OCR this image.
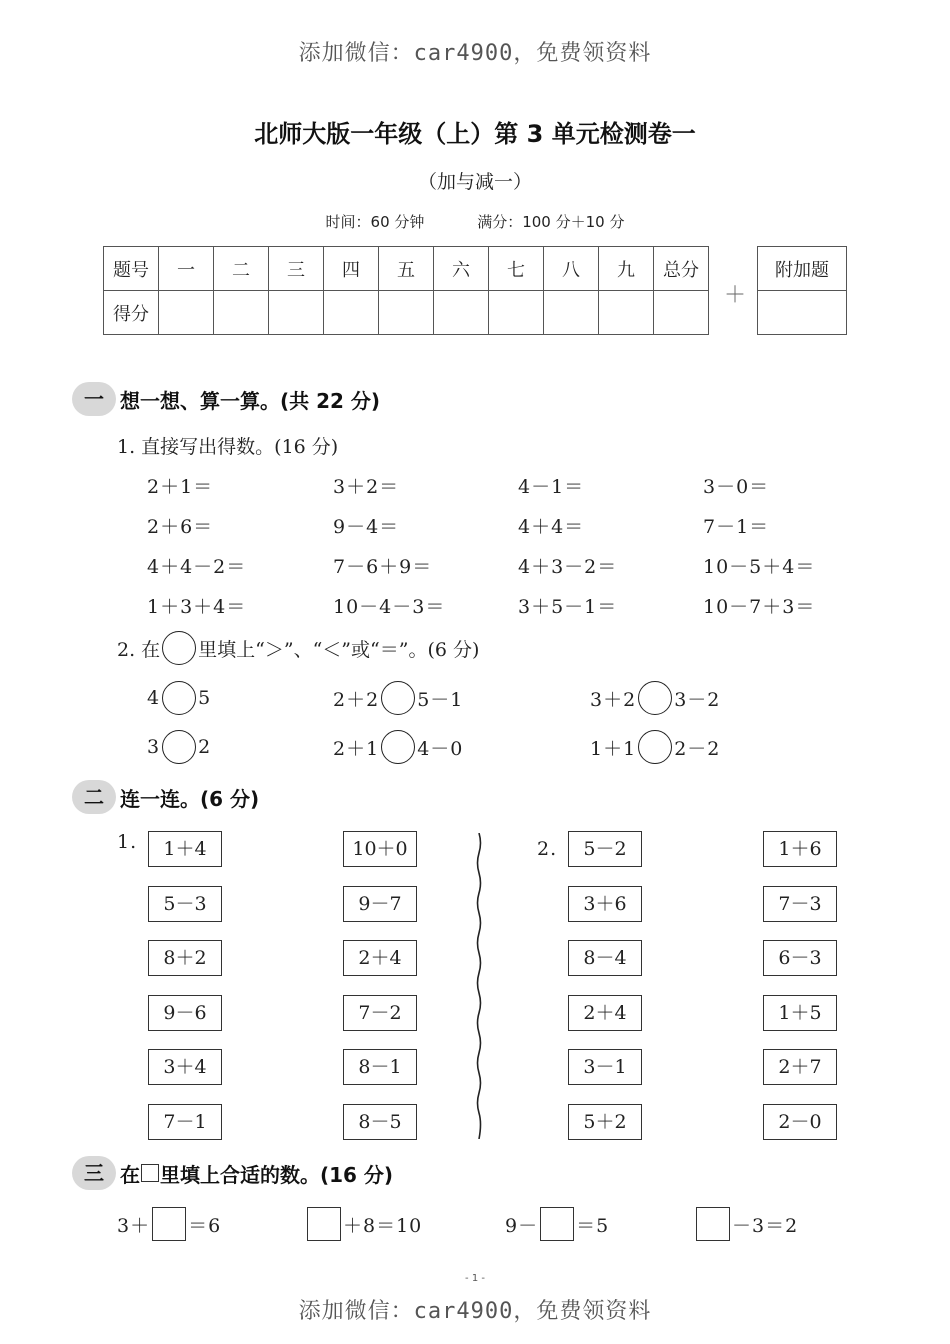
添加微信：car4900，免费领资料
添加微信：car4900，免费领资料
北师大版一年级（上）第 3 单元检测卷一
（加与减一）
时间：60 分钟	满分：100 分＋10 分
题号	一	二	三	四	五	六	七	八	九	总分
得分										
＋
附加题

一 想一想、算一算。(共 22 分)
1. 直接写出得数。(16 分)
2＋1＝	3＋2＝	4－1＝	3－0＝
2＋6＝	9－4＝	4＋4＝	7－1＝
4＋4－2＝	7－6＋9＝	4＋3－2＝	10－5＋4＝
1＋3＋4＝	10－4－3＝	3＋5－1＝	10－7＋3＝
2. 在 里填上“＞”、“＜”或“＝”。(6 分)
4 5	2＋2 5－1	3＋2 3－2
3 2	2＋1 4－0	1＋1 2－2
二 连一连。(6 分)
1.	2.
1＋4
5－3
8＋2
9－6
3＋4
7－1
10＋0
9－7
2＋4
7－2
8－1
8－5
5－2
3＋6
8－4
2＋4
3－1
5＋2
1＋6
7－3
6－3
1＋5
2＋7
2－0
三 在 里填上合适的数。(16 分)
3＋ ＝6	＋8＝10	9－ ＝5	－3＝2
- 1 -
